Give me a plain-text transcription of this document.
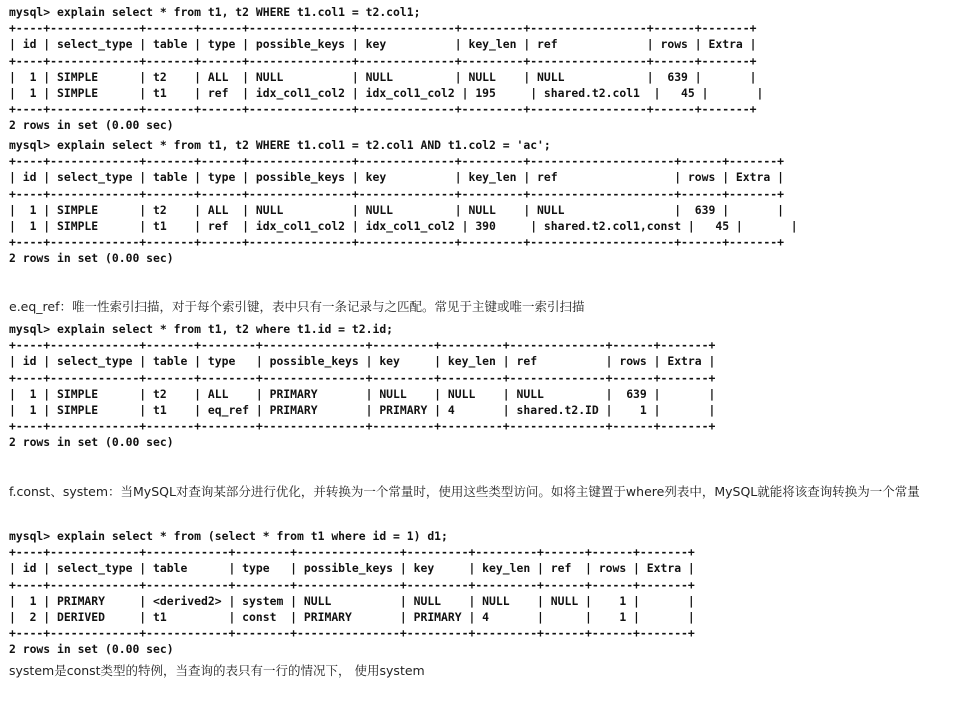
mysql> explain select * from t1, t2 WHERE t1.col1 = t2.col1;
+----+-------------+-------+------+---------------+--------------+---------+-----------------+------+-------+
| id | select_type | table | type | possible_keys | key          | key_len | ref             | rows | Extra |
+----+-------------+-------+------+---------------+--------------+---------+-----------------+------+-------+
|  1 | SIMPLE      | t2    | ALL  | NULL          | NULL         | NULL    | NULL            |  639 |       |
|  1 | SIMPLE      | t1    | ref  | idx_col1_col2 | idx_col1_col2 | 195     | shared.t2.col1  |   45 |       |
+----+-------------+-------+------+---------------+--------------+---------+-----------------+------+-------+
2 rows in set (0.00 sec)
mysql> explain select * from t1, t2 WHERE t1.col1 = t2.col1 AND t1.col2 = 'ac';
+----+-------------+-------+------+---------------+--------------+---------+---------------------+------+-------+
| id | select_type | table | type | possible_keys | key          | key_len | ref                 | rows | Extra |
+----+-------------+-------+------+---------------+--------------+---------+---------------------+------+-------+
|  1 | SIMPLE      | t2    | ALL  | NULL          | NULL         | NULL    | NULL                |  639 |       |
|  1 | SIMPLE      | t1    | ref  | idx_col1_col2 | idx_col1_col2 | 390     | shared.t2.col1,const |   45 |       |
+----+-------------+-------+------+---------------+--------------+---------+---------------------+------+-------+
2 rows in set (0.00 sec)

e.eq_ref：唯一性索引扫描，对于每个索引键，表中只有一条记录与之匹配。常见于主键或唯一索引扫描

mysql> explain select * from t1, t2 where t1.id = t2.id;
+----+-------------+-------+--------+---------------+---------+---------+--------------+------+-------+
| id | select_type | table | type   | possible_keys | key     | key_len | ref          | rows | Extra |
+----+-------------+-------+--------+---------------+---------+---------+--------------+------+-------+
|  1 | SIMPLE      | t2    | ALL    | PRIMARY       | NULL    | NULL    | NULL         |  639 |       |
|  1 | SIMPLE      | t1    | eq_ref | PRIMARY       | PRIMARY | 4       | shared.t2.ID |    1 |       |
+----+-------------+-------+--------+---------------+---------+---------+--------------+------+-------+
2 rows in set (0.00 sec)

f.const、system：当MySQL对查询某部分进行优化，并转换为一个常量时，使用这些类型访问。如将主键置于where列表中，MySQL就能将该查询转换为一个常量

mysql> explain select * from (select * from t1 where id = 1) d1;
+----+-------------+------------+--------+---------------+---------+---------+------+------+-------+
| id | select_type | table      | type   | possible_keys | key     | key_len | ref  | rows | Extra |
+----+-------------+------------+--------+---------------+---------+---------+------+------+-------+
|  1 | PRIMARY     | <derived2> | system | NULL          | NULL    | NULL    | NULL |    1 |       |
|  2 | DERIVED     | t1         | const  | PRIMARY       | PRIMARY | 4       |      |    1 |       |
+----+-------------+------------+--------+---------------+---------+---------+------+------+-------+
2 rows in set (0.00 sec)

system是const类型的特例，当查询的表只有一行的情况下， 使用system
